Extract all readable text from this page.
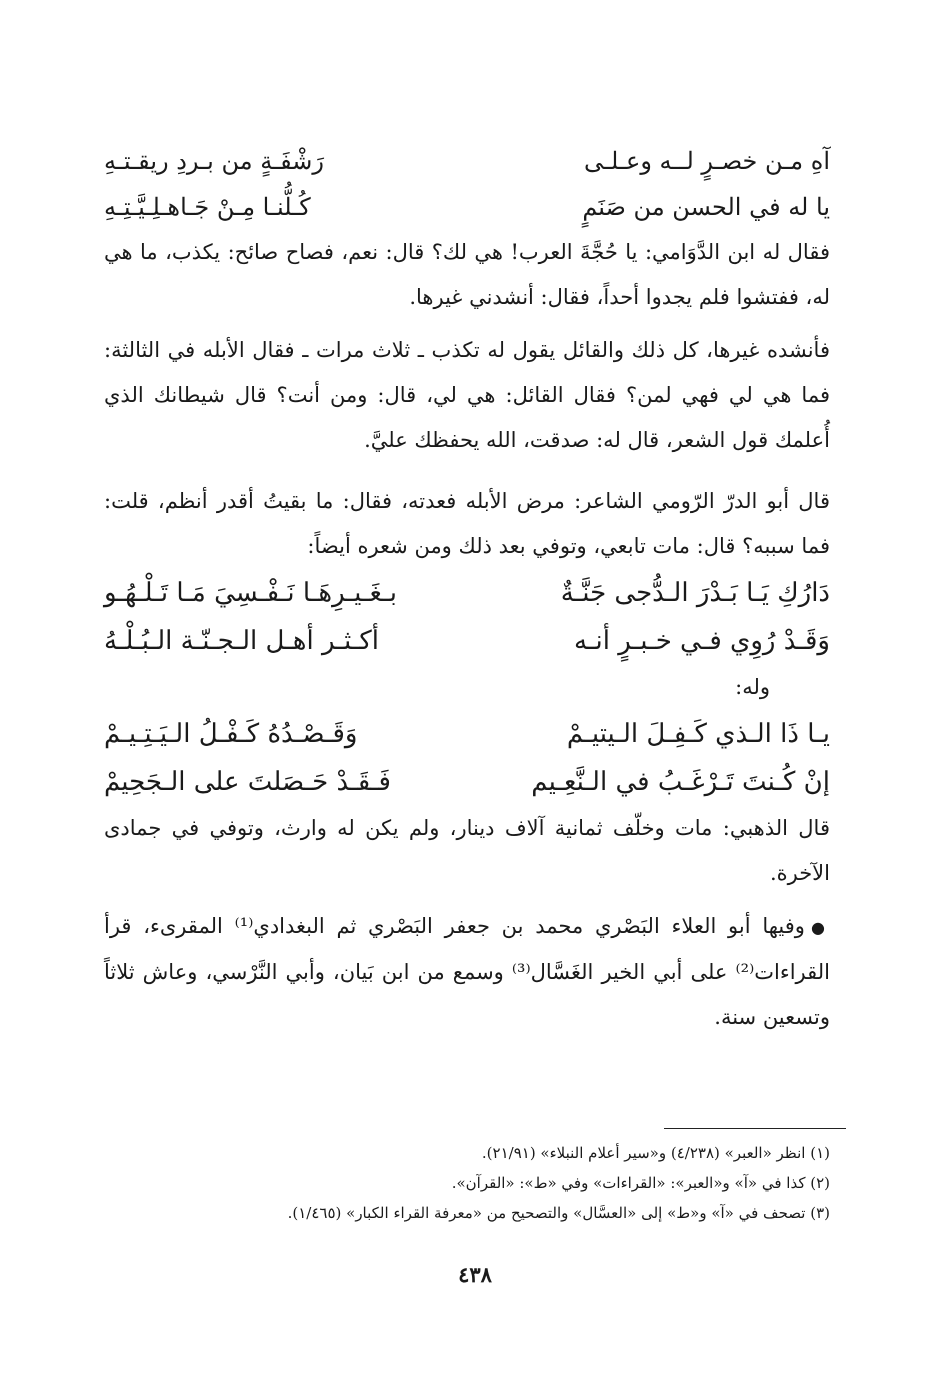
آهِ مـن خصـرٍ لــه وعـلـى
رَشْفَـةٍ من بـردِ ريقـتـهِ
يا له في الحسن من صَنَمٍ
كُـلُّنـا مِـنْ جَـاهـلِـيَّـتِـهِ

فقال له ابن الدَّوَامي: يا حُجَّةَ العرب! هي لك؟ قال: نعم، فصاح صائح: يكذب، ما هي له، ففتشوا فلم يجدوا أحداً، فقال: أنشدني غيرها.

فأنشده غيرها، كل ذلك والقائل يقول له تكذب ـ ثلاث مرات ـ فقال الأبله في الثالثة: فما هي لي فهي لمن؟ فقال القائل: هي لي، قال: ومن أنت؟ قال شيطانك الذي أُعلمك قول الشعر، قال له: صدقت، الله يحفظك عليَّ.

قال أبو الدرّ الرّومي الشاعر: مرض الأبله فعدته، فقال: ما بقيتُ أقدر أنظم، قلت: فما سببه؟ قال: مات تابعي، وتوفي بعد ذلك ومن شعره أيضاً:

دَارُكِ يَـا بَـدْرَ الـدُّجى جَنَّـةٌ
بـغَـيـرِهَـا نَـفْـسِيَ مَـا تَـلْـهُـو
وَقَـدْ رُوِي فـي خـبـرٍ أنـه
أكـثـر أهـل الـجـنّـة الـبُـلْـهُ

وله:

يـا ذَا الـذي كَـفِـلَ الـيتيـمْ
وَقَـصْـدُهُ كَـفْـلُ الـيَـتِـيـمْ
إنْ كُـنتَ تَـرْغَـبُ في الـنَّعِـيم
فَـقَـدْ حَـصَلتَ على الـجَحِيمْ

قال الذهبي: مات وخلّف ثمانية آلاف دينار، ولم يكن له وارث، وتوفي في جمادى الآخرة.

●وفيها أبو العلاء البَصْري محمد بن جعفر البَصْري ثم البغدادي⁽¹⁾ المقرىء، قرأ القراءات⁽²⁾ على أبي الخير الغَسَّال⁽³⁾ وسمع من ابن بَيان، وأبي النَّرْسي، وعاش ثلاثاً وتسعين سنة.

(١) انظر «العبر» (٤/٢٣٨) و«سير أعلام النبلاء» (٢١/٩١).
(٢) كذا في «آ» و«العبر»: «القراءات» وفي «ط»: «القرآن».
(٣) تصحف في «آ» و«ط» إلى «العسَّال» والتصحيح من «معرفة القراء الكبار» (١/٤٦٥).
٤٣٨
